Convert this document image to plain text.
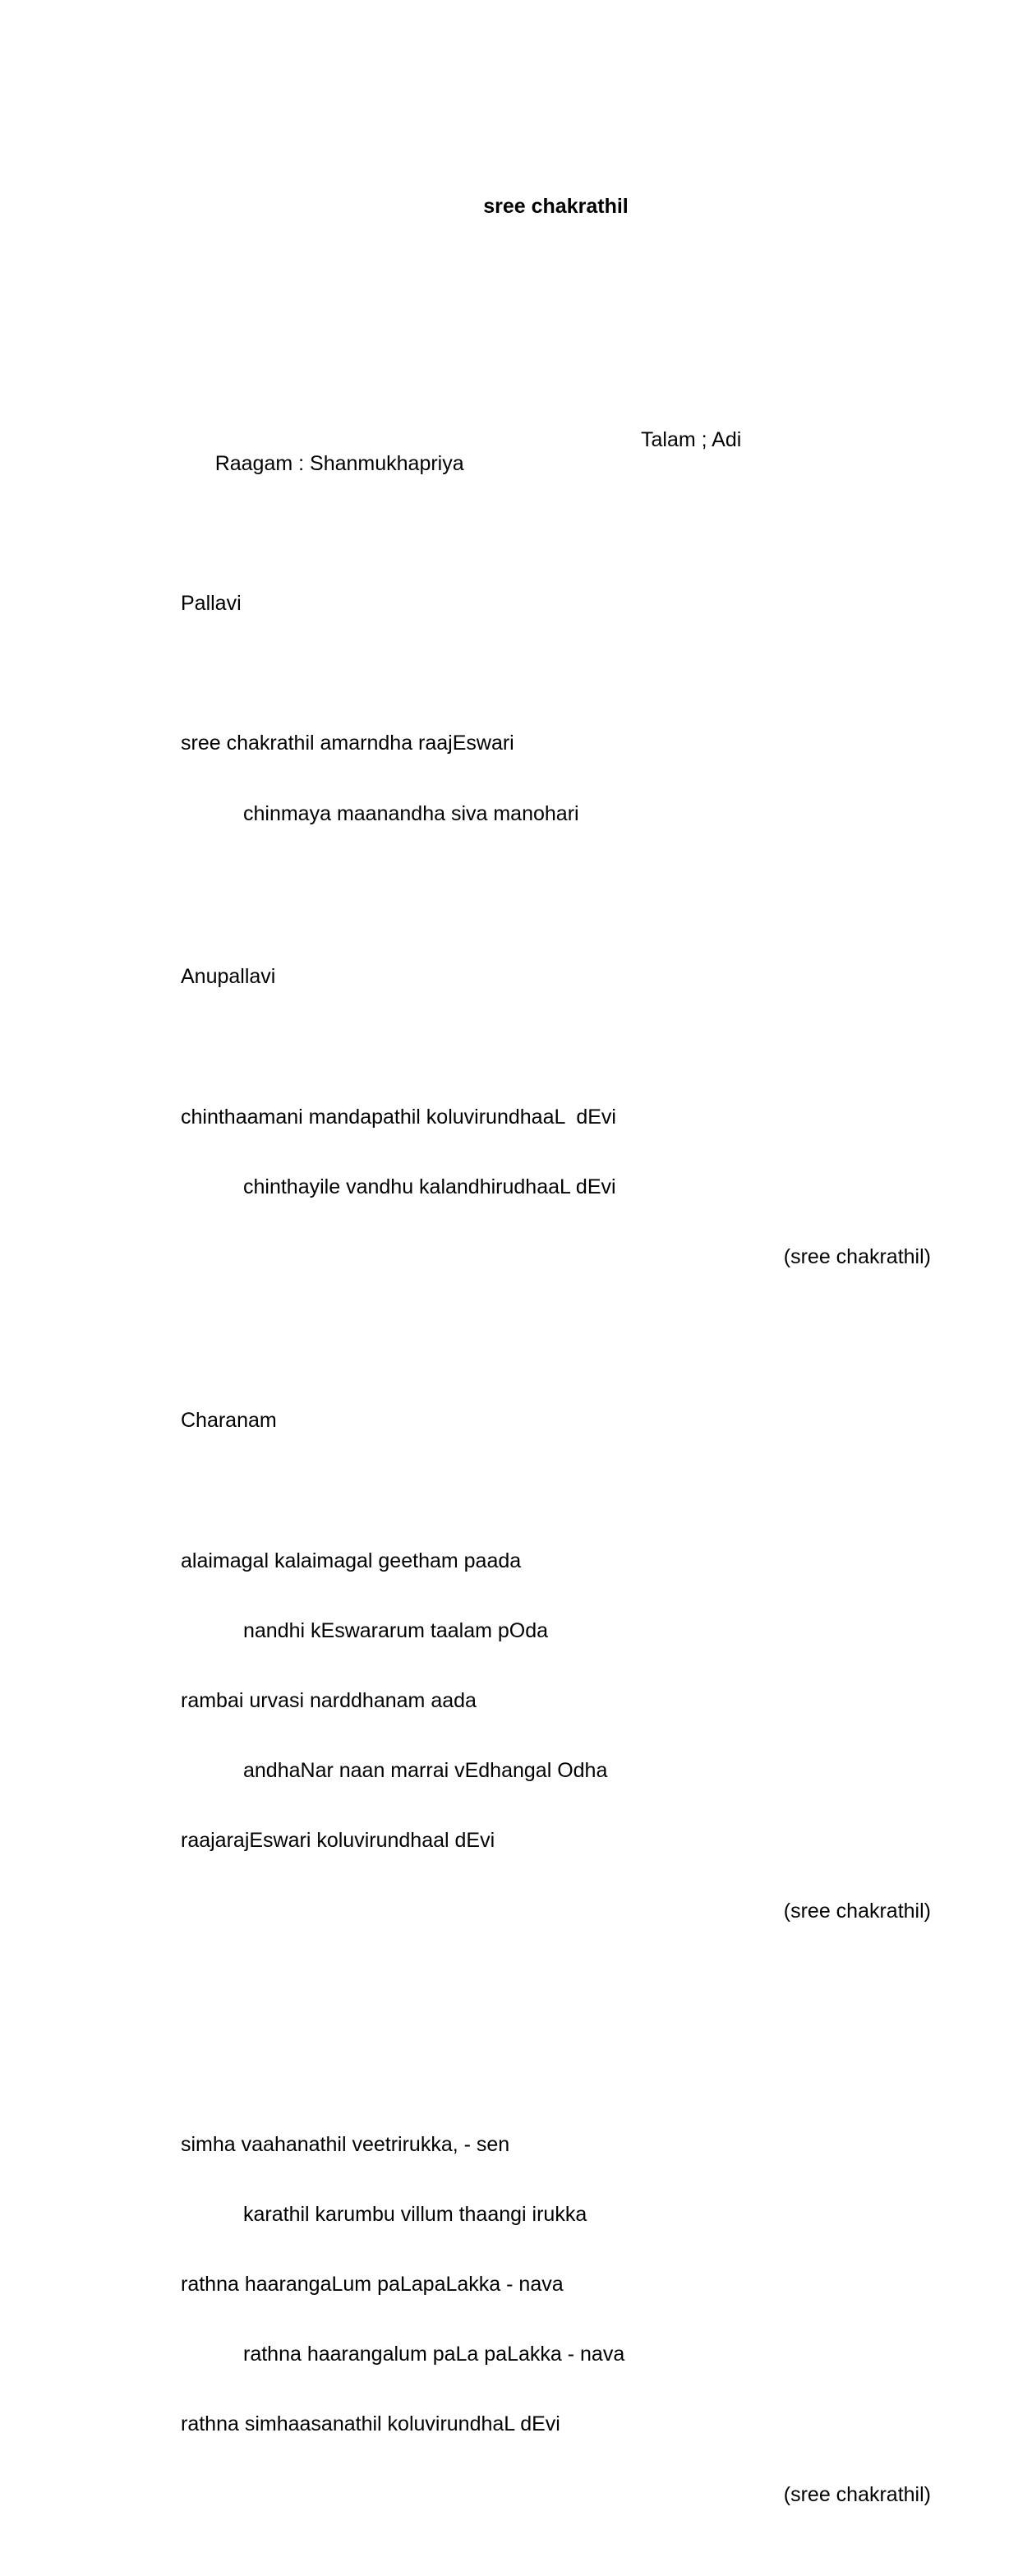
sree chakrathil

Raagam : Shanmukhapriya

Talam ; Adi

Pallavi

sree chakrathil amarndha raajEswari

chinmaya maanandha siva manohari

Anupallavi

chinthaamani mandapathil koluvirundhaaL  dEvi

chinthayile vandhu kalandhirudhaaL dEvi

(sree chakrathil)

Charanam

alaimagal kalaimagal geetham paada

nandhi kEswararum taalam pOda

rambai urvasi narddhanam aada

andhaNar naan marrai vEdhangal Odha

raajarajEswari koluvirundhaal dEvi

(sree chakrathil)

simha vaahanathil veetrirukka, - sen

karathil karumbu villum thaangi irukka

rathna haarangaLum paLapaLakka - nava

rathna haarangalum paLa paLakka - nava

rathna simhaasanathil koluvirundhaL dEvi

(sree chakrathil)
